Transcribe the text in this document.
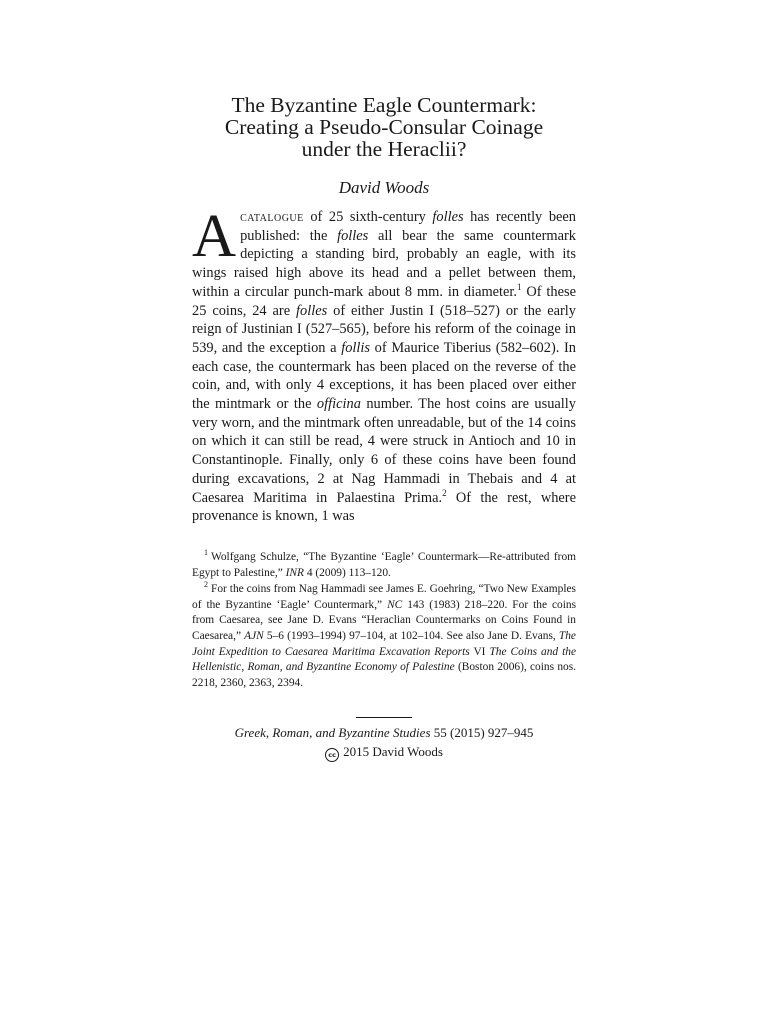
The Byzantine Eagle Countermark:
Creating a Pseudo-Consular Coinage
under the Heraclii?
David Woods
Acatalogue of 25 sixth-century folles has recently been published: the folles all bear the same countermark depicting a standing bird, probably an eagle, with its wings raised high above its head and a pellet between them, within a circular punch-mark about 8 mm. in diameter.$^1$ Of these 25 coins, 24 are folles of either Justin I (518–527) or the early reign of Justinian I (527–565), before his reform of the coinage in 539, and the exception a follis of Maurice Tiberius (582–602). In each case, the countermark has been placed on the reverse of the coin, and, with only 4 exceptions, it has been placed over either the mintmark or the officina number. The host coins are usually very worn, and the mintmark often unreadable, but of the 14 coins on which it can still be read, 4 were struck in Antioch and 10 in Constantinople. Finally, only 6 of these coins have been found during excavations, 2 at Nag Hammadi in Thebais and 4 at Caesarea Maritima in Palaestina Prima.$^2$ Of the rest, where provenance is known, 1 was

$^1$ Wolfgang Schulze, “The Byzantine ‘Eagle’ Countermark—Re-attributed from Egypt to Palestine,” INR 4 (2009) 113–120.

$^2$ For the coins from Nag Hammadi see James E. Goehring, “Two New Examples of the Byzantine ‘Eagle’ Countermark,” NC 143 (1983) 218–220. For the coins from Caesarea, see Jane D. Evans “Heraclian Countermarks on Coins Found in Caesarea,” AJN 5–6 (1993–1994) 97–104, at 102–104. See also Jane D. Evans, The Joint Expedition to Caesarea Maritima Excavation Reports VI The Coins and the Hellenistic, Roman, and Byzantine Economy of Palestine (Boston 2006), coins nos. 2218, 2360, 2363, 2394.

Greek, Roman, and Byzantine Studies 55 (2015) 927–945
cc 2015 David Woods
